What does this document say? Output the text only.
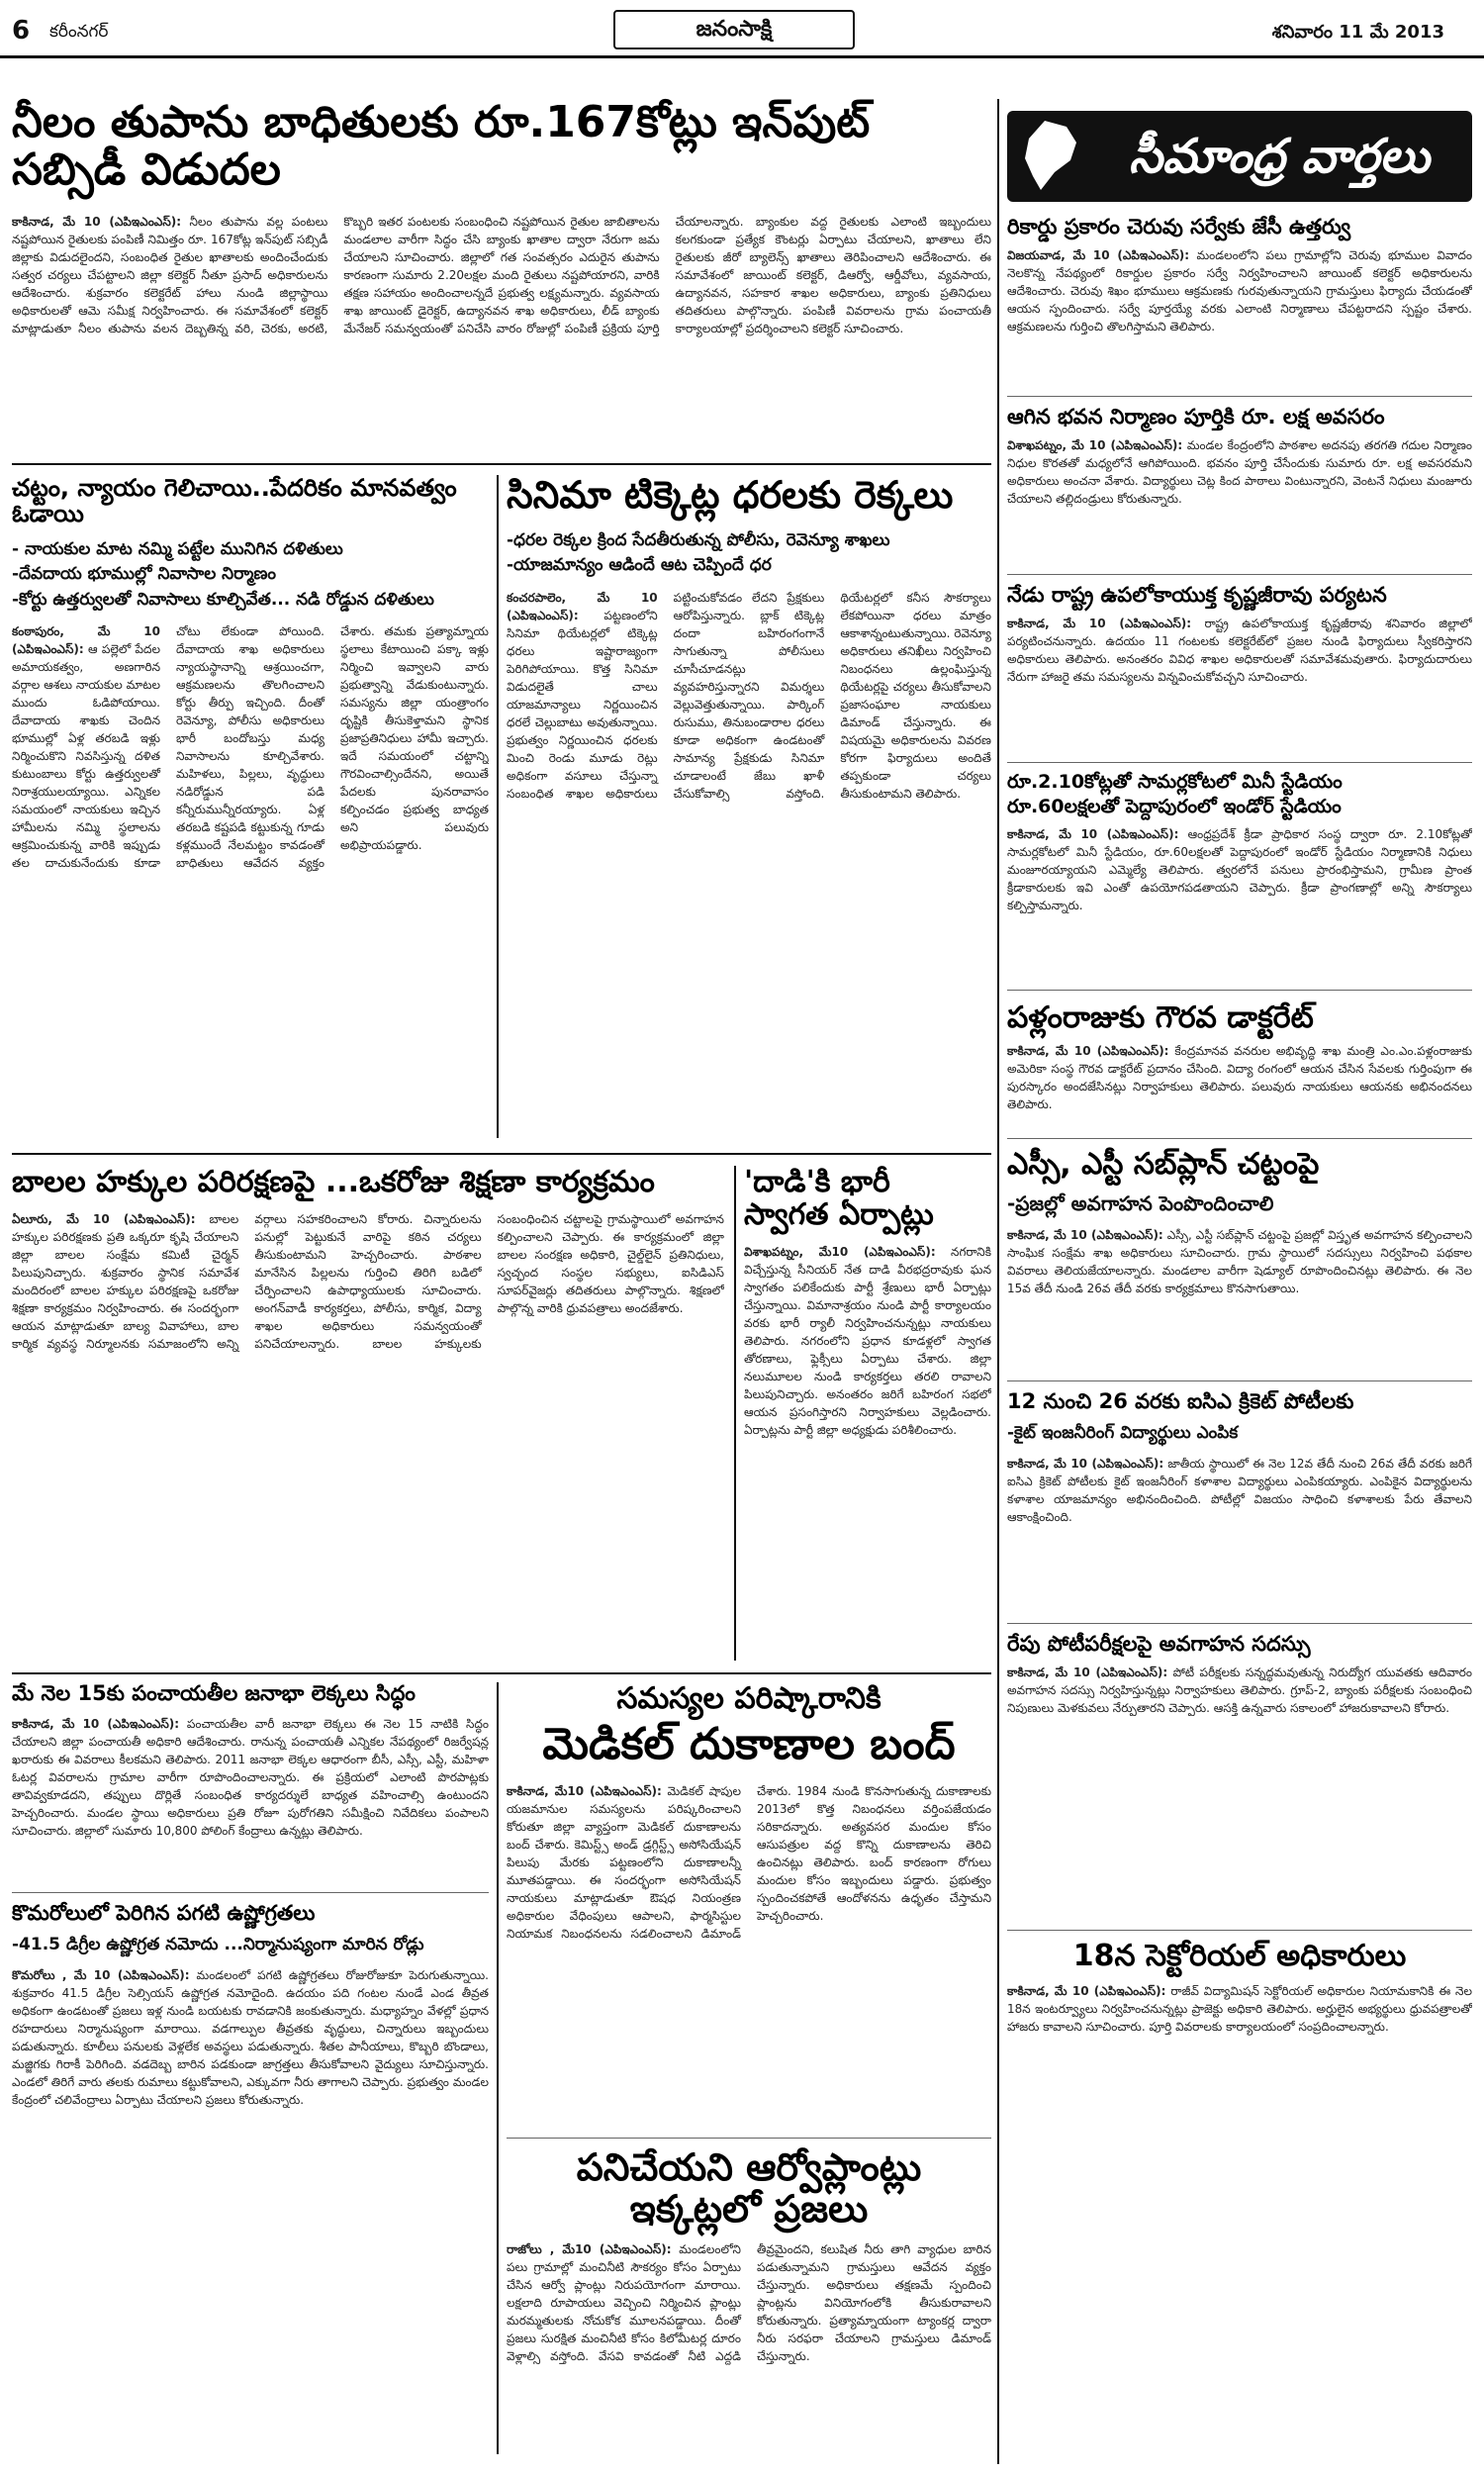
6 కరీంనగర్	జనంసాక్షి	శనివారం 11 మే 2013
నీలం తుపాను బాధితులకు రూ.167కోట్లు ఇన్‌పుట్ సబ్సిడీ విడుదల
కాకినాడ, మే 10 (ఎపిఇఎంఎస్): నీలం తుపాను వల్ల పంటలు నష్టపోయిన రైతులకు పంపిణీ నిమిత్తం రూ. 167కోట్ల ఇన్‌పుట్ సబ్సిడీ జిల్లాకు విడుదలైందని, సంబంధిత రైతుల ఖాతాలకు అందించేందుకు సత్వర చర్యలు చేపట్టాలని జిల్లా కలెక్టర్ నీతూ ప్రసాద్ అధికారులను ఆదేశించారు. శుక్రవారం కలెక్టరేట్ హాలు నుండి జిల్లాస్థాయి అధికారులతో ఆమె సమీక్ష నిర్వహించారు. ఈ సమావేశంలో కలెక్టర్ మాట్లాడుతూ నీలం తుపాను వలన దెబ్బతిన్న వరి, చెరకు, అరటి, కొబ్బరి ఇతర పంటలకు సంబంధించి నష్టపోయిన రైతుల జాబితాలను మండలాల వారీగా సిద్ధం చేసి బ్యాంకు ఖాతాల ద్వారా నేరుగా జమ చేయాలని సూచించారు. జిల్లాలో గత సంవత్సరం ఎదురైన తుపాను కారణంగా సుమారు 2.20లక్షల మంది రైతులు నష్టపోయారని, వారికి తక్షణ సహాయం అందించాలన్నదే ప్రభుత్వ లక్ష్యమన్నారు. వ్యవసాయ శాఖ జాయింట్ డైరెక్టర్, ఉద్యానవన శాఖ అధికారులు, లీడ్ బ్యాంకు మేనేజర్ సమన్వయంతో పనిచేసి వారం రోజుల్లో పంపిణీ ప్రక్రియ పూర్తి చేయాలన్నారు. బ్యాంకుల వద్ద రైతులకు ఎలాంటి ఇబ్బందులు కలగకుండా ప్రత్యేక కౌంటర్లు ఏర్పాటు చేయాలని, ఖాతాలు లేని రైతులకు జీరో బ్యాలెన్స్ ఖాతాలు తెరిపించాలని ఆదేశించారు. ఈ సమావేశంలో జాయింట్ కలెక్టర్, డిఆర్వో, ఆర్డీవోలు, వ్యవసాయ, ఉద్యానవన, సహకార శాఖల అధికారులు, బ్యాంకు ప్రతినిధులు తదితరులు పాల్గొన్నారు. పంపిణీ వివరాలను గ్రామ పంచాయతీ కార్యాలయాల్లో ప్రదర్శించాలని కలెక్టర్ సూచించారు.
చట్టం, న్యాయం గెలిచాయి..పేదరికం మానవత్వం ఓడాయి
- నాయకుల మాట నమ్మి పట్టేల మునిగిన దళితులు
-దేవదాయ భూముల్లో నివాసాల నిర్మాణం
-కోర్టు ఉత్తర్వులతో నివాసాలు కూల్చివేత... నడి రోడ్డున దళితులు
కంఠాపురం, మే 10 (ఎపిఇఎంఎస్): ఆ పల్లెలో పేదల అమాయకత్వం, అణగారిన వర్గాల ఆశలు నాయకుల మాటల ముందు ఓడిపోయాయి. దేవాదాయ శాఖకు చెందిన భూముల్లో ఏళ్ల తరబడి ఇళ్లు నిర్మించుకొని నివసిస్తున్న దళిత కుటుంబాలు కోర్టు ఉత్తర్వులతో నిరాశ్రయులయ్యాయి. ఎన్నికల సమయంలో నాయకులు ఇచ్చిన హామీలను నమ్మి స్థలాలను ఆక్రమించుకున్న వారికి ఇప్పుడు తల దాచుకునేందుకు కూడా చోటు లేకుండా పోయింది. దేవాదాయ శాఖ అధికారులు న్యాయస్థానాన్ని ఆశ్రయించగా, ఆక్రమణలను తొలగించాలని కోర్టు తీర్పు ఇచ్చింది. దీంతో రెవెన్యూ, పోలీసు అధికారులు భారీ బందోబస్తు మధ్య నివాసాలను కూల్చివేశారు. మహిళలు, పిల్లలు, వృద్ధులు నడిరోడ్డున పడి కన్నీరుమున్నీరయ్యారు. ఏళ్ల తరబడి కష్టపడి కట్టుకున్న గూడు కళ్లముందే నేలమట్టం కావడంతో బాధితులు ఆవేదన వ్యక్తం చేశారు. తమకు ప్రత్యామ్నాయ స్థలాలు కేటాయించి పక్కా ఇళ్లు నిర్మించి ఇవ్వాలని వారు ప్రభుత్వాన్ని వేడుకుంటున్నారు. సమస్యను జిల్లా యంత్రాంగం దృష్టికి తీసుకెళ్తామని స్థానిక ప్రజాప్రతినిధులు హామీ ఇచ్చారు. ఇదే సమయంలో చట్టాన్ని గౌరవించాల్సిందేనని, అయితే పేదలకు పునరావాసం కల్పించడం ప్రభుత్వ బాధ్యత అని పలువురు అభిప్రాయపడ్డారు.
సినిమా టిక్కెట్ల ధరలకు రెక్కలు
-ధరల రెక్కల క్రింద సేదతీరుతున్న పోలీసు, రెవెన్యూ శాఖలు
-యాజమాన్యం ఆడిందే ఆట చెప్పిందే ధర
కంచరపాలెం, మే 10 (ఎపిఇఎంఎస్): పట్టణంలోని సినిమా థియేటర్లలో టిక్కెట్ల ధరలు ఇష్టారాజ్యంగా పెరిగిపోయాయి. కొత్త సినిమా విడుదలైతే చాలు యాజమాన్యాలు నిర్ణయించిన ధరలే చెల్లుబాటు అవుతున్నాయి. ప్రభుత్వం నిర్ణయించిన ధరలకు మించి రెండు మూడు రెట్లు అధికంగా వసూలు చేస్తున్నా సంబంధిత శాఖల అధికారులు పట్టించుకోవడం లేదని ప్రేక్షకులు ఆరోపిస్తున్నారు. బ్లాక్ టిక్కెట్ల దందా బహిరంగంగానే సాగుతున్నా పోలీసులు చూసీచూడనట్లు వ్యవహరిస్తున్నారని విమర్శలు వెల్లువెత్తుతున్నాయి. పార్కింగ్ రుసుము, తినుబండారాల ధరలు కూడా అధికంగా ఉండటంతో సామాన్య ప్రేక్షకుడు సినిమా చూడాలంటే జేబు ఖాళీ చేసుకోవాల్సి వస్తోంది. థియేటర్లలో కనీస సౌకర్యాలు లేకపోయినా ధరలు మాత్రం ఆకాశాన్నంటుతున్నాయి. రెవెన్యూ అధికారులు తనిఖీలు నిర్వహించి నిబంధనలు ఉల్లంఘిస్తున్న థియేటర్లపై చర్యలు తీసుకోవాలని ప్రజాసంఘాల నాయకులు డిమాండ్ చేస్తున్నారు. ఈ విషయమై అధికారులను వివరణ కోరగా ఫిర్యాదులు అందితే తప్పకుండా చర్యలు తీసుకుంటామని తెలిపారు.
బాలల హక్కుల పరిరక్షణపై ...ఒకరోజు శిక్షణా కార్యక్రమం
ఏలూరు, మే 10 (ఎపిఇఎంఎస్): బాలల హక్కుల పరిరక్షణకు ప్రతి ఒక్కరూ కృషి చేయాలని జిల్లా బాలల సంక్షేమ కమిటీ చైర్మన్ పిలుపునిచ్చారు. శుక్రవారం స్థానిక సమావేశ మందిరంలో బాలల హక్కుల పరిరక్షణపై ఒకరోజు శిక్షణా కార్యక్రమం నిర్వహించారు. ఈ సందర్భంగా ఆయన మాట్లాడుతూ బాల్య వివాహాలు, బాల కార్మిక వ్యవస్థ నిర్మూలనకు సమాజంలోని అన్ని వర్గాలు సహకరించాలని కోరారు. చిన్నారులను పనుల్లో పెట్టుకునే వారిపై కఠిన చర్యలు తీసుకుంటామని హెచ్చరించారు. పాఠశాల మానేసిన పిల్లలను గుర్తించి తిరిగి బడిలో చేర్పించాలని ఉపాధ్యాయులకు సూచించారు. అంగన్‌వాడీ కార్యకర్తలు, పోలీసు, కార్మిక, విద్యా శాఖల అధికారులు సమన్వయంతో పనిచేయాలన్నారు. బాలల హక్కులకు సంబంధించిన చట్టాలపై గ్రామస్థాయిలో అవగాహన కల్పించాలని చెప్పారు. ఈ కార్యక్రమంలో జిల్లా బాలల సంరక్షణ అధికారి, చైల్డ్‌లైన్ ప్రతినిధులు, స్వచ్ఛంద సంస్థల సభ్యులు, ఐసిడిఎస్ సూపర్‌వైజర్లు తదితరులు పాల్గొన్నారు. శిక్షణలో పాల్గొన్న వారికి ధ్రువపత్రాలు అందజేశారు.
'దాడి'కి భారీ
స్వాగత ఏర్పాట్లు
విశాఖపట్నం, మే10 (ఎపిఇఎంఎస్): నగరానికి విచ్చేస్తున్న సీనియర్ నేత దాడి వీరభద్రరావుకు ఘన స్వాగతం పలికేందుకు పార్టీ శ్రేణులు భారీ ఏర్పాట్లు చేస్తున్నాయి. విమానాశ్రయం నుండి పార్టీ కార్యాలయం వరకు భారీ ర్యాలీ నిర్వహించనున్నట్లు నాయకులు తెలిపారు. నగరంలోని ప్రధాన కూడళ్లలో స్వాగత తోరణాలు, ఫ్లెక్సీలు ఏర్పాటు చేశారు. జిల్లా నలుమూలల నుండి కార్యకర్తలు తరలి రావాలని పిలుపునిచ్చారు. అనంతరం జరిగే బహిరంగ సభలో ఆయన ప్రసంగిస్తారని నిర్వాహకులు వెల్లడించారు. ఏర్పాట్లను పార్టీ జిల్లా అధ్యక్షుడు పరిశీలించారు.
మే నెల 15కు పంచాయతీల జనాభా లెక్కలు సిద్ధం
కాకినాడ, మే 10 (ఎపిఇఎంఎస్): పంచాయతీల వారీ జనాభా లెక్కలు ఈ నెల 15 నాటికి సిద్ధం చేయాలని జిల్లా పంచాయతీ అధికారి ఆదేశించారు. రానున్న పంచాయతీ ఎన్నికల నేపథ్యంలో రిజర్వేషన్ల ఖరారుకు ఈ వివరాలు కీలకమని తెలిపారు. 2011 జనాభా లెక్కల ఆధారంగా బీసీ, ఎస్సీ, ఎస్టీ, మహిళా ఓటర్ల వివరాలను గ్రామాల వారీగా రూపొందించాలన్నారు. ఈ ప్రక్రియలో ఎలాంటి పొరపాట్లకు తావివ్వకూడదని, తప్పులు దొర్లితే సంబంధిత కార్యదర్శులే బాధ్యత వహించాల్సి ఉంటుందని హెచ్చరించారు. మండల స్థాయి అధికారులు ప్రతి రోజూ పురోగతిని సమీక్షించి నివేదికలు పంపాలని సూచించారు. జిల్లాలో సుమారు 10,800 పోలింగ్ కేంద్రాలు ఉన్నట్లు తెలిపారు.
కొమరోలులో పెరిగిన పగటి ఉష్ణోగ్రతలు
-41.5 డిగ్రీల ఉష్ణోగ్రత నమోదు ...నిర్మానుష్యంగా మారిన రోడ్లు
కొమరోలు , మే 10 (ఎపిఇఎంఎస్): మండలంలో పగటి ఉష్ణోగ్రతలు రోజురోజుకూ పెరుగుతున్నాయి. శుక్రవారం 41.5 డిగ్రీల సెల్సియస్ ఉష్ణోగ్రత నమోదైంది. ఉదయం పది గంటల నుండే ఎండ తీవ్రత అధికంగా ఉండటంతో ప్రజలు ఇళ్ల నుండి బయటకు రావడానికి జంకుతున్నారు. మధ్యాహ్నం వేళల్లో ప్రధాన రహదారులు నిర్మానుష్యంగా మారాయి. వడగాల్పుల తీవ్రతకు వృద్ధులు, చిన్నారులు ఇబ్బందులు పడుతున్నారు. కూలీలు పనులకు వెళ్లలేక అవస్థలు పడుతున్నారు. శీతల పానీయాలు, కొబ్బరి బొండాలు, మజ్జిగకు గిరాకీ పెరిగింది. వడదెబ్బ బారిన పడకుండా జాగ్రత్తలు తీసుకోవాలని వైద్యులు సూచిస్తున్నారు. ఎండలో తిరిగే వారు తలకు రుమాలు కట్టుకోవాలని, ఎక్కువగా నీరు తాగాలని చెప్పారు. ప్రభుత్వం మండల కేంద్రంలో చలివేంద్రాలు ఏర్పాటు చేయాలని ప్రజలు కోరుతున్నారు.
సమస్యల పరిష్కారానికి
మెడికల్ దుకాణాల బంద్
కాకినాడ, మే10 (ఎపిఇఎంఎస్): మెడికల్ షాపుల యజమానుల సమస్యలను పరిష్కరించాలని కోరుతూ జిల్లా వ్యాప్తంగా మెడికల్ దుకాణాలను బంద్ చేశారు. కెమిస్ట్స్ అండ్ డ్రగ్గిస్ట్స్ అసోసియేషన్ పిలుపు మేరకు పట్టణంలోని దుకాణాలన్నీ మూతపడ్డాయి. ఈ సందర్భంగా అసోసియేషన్ నాయకులు మాట్లాడుతూ ఔషధ నియంత్రణ అధికారుల వేధింపులు ఆపాలని, ఫార్మసిస్టుల నియామక నిబంధనలను సడలించాలని డిమాండ్ చేశారు. 1984 నుండి కొనసాగుతున్న దుకాణాలకు 2013లో కొత్త నిబంధనలు వర్తింపజేయడం సరికాదన్నారు. అత్యవసర మందుల కోసం ఆసుపత్రుల వద్ద కొన్ని దుకాణాలను తెరిచి ఉంచినట్లు తెలిపారు. బంద్ కారణంగా రోగులు మందుల కోసం ఇబ్బందులు పడ్డారు. ప్రభుత్వం స్పందించకపోతే ఆందోళనను ఉధృతం చేస్తామని హెచ్చరించారు.
పనిచేయని ఆర్వోప్లాంట్లు
ఇక్కట్లలో ప్రజలు
రాజోలు , మే10 (ఎపిఇఎంఎస్): మండలంలోని పలు గ్రామాల్లో మంచినీటి సౌకర్యం కోసం ఏర్పాటు చేసిన ఆర్వో ప్లాంట్లు నిరుపయోగంగా మారాయి. లక్షలాది రూపాయలు వెచ్చించి నిర్మించిన ప్లాంట్లు మరమ్మతులకు నోచుకోక మూలనపడ్డాయి. దీంతో ప్రజలు సురక్షిత మంచినీటి కోసం కిలోమీటర్ల దూరం వెళ్లాల్సి వస్తోంది. వేసవి కావడంతో నీటి ఎద్దడి తీవ్రమైందని, కలుషిత నీరు తాగి వ్యాధుల బారిన పడుతున్నామని గ్రామస్తులు ఆవేదన వ్యక్తం చేస్తున్నారు. అధికారులు తక్షణమే స్పందించి ప్లాంట్లను వినియోగంలోకి తీసుకురావాలని కోరుతున్నారు. ప్రత్యామ్నాయంగా ట్యాంకర్ల ద్వారా నీరు సరఫరా చేయాలని గ్రామస్తులు డిమాండ్ చేస్తున్నారు.
సీమాంధ్ర వార్తలు
రికార్డు ప్రకారం చెరువు సర్వేకు జేసీ ఉత్తర్వు
విజయవాడ, మే 10 (ఎపిఇఎంఎస్): మండలంలోని పలు గ్రామాల్లోని చెరువు భూముల వివాదం నెలకొన్న నేపథ్యంలో రికార్డుల ప్రకారం సర్వే నిర్వహించాలని జాయింట్ కలెక్టర్ అధికారులను ఆదేశించారు. చెరువు శిఖం భూములు ఆక్రమణకు గురవుతున్నాయని గ్రామస్తులు ఫిర్యాదు చేయడంతో ఆయన స్పందించారు. సర్వే పూర్తయ్యే వరకు ఎలాంటి నిర్మాణాలు చేపట్టరాదని స్పష్టం చేశారు. ఆక్రమణలను గుర్తించి తొలగిస్తామని తెలిపారు.
ఆగిన భవన నిర్మాణం పూర్తికి రూ. లక్ష అవసరం
విశాఖపట్నం, మే 10 (ఎపిఇఎంఎస్): మండల కేంద్రంలోని పాఠశాల అదనపు తరగతి గదుల నిర్మాణం నిధుల కొరతతో మధ్యలోనే ఆగిపోయింది. భవనం పూర్తి చేసేందుకు సుమారు రూ. లక్ష అవసరమని అధికారులు అంచనా వేశారు. విద్యార్థులు చెట్ల కింద పాఠాలు వింటున్నారని, వెంటనే నిధులు మంజూరు చేయాలని తల్లిదండ్రులు కోరుతున్నారు.
నేడు రాష్ట్ర ఉపలోకాయుక్త కృష్ణజీరావు పర్యటన
కాకినాడ, మే 10 (ఎపిఇఎంఎస్): రాష్ట్ర ఉపలోకాయుక్త కృష్ణజీరావు శనివారం జిల్లాలో పర్యటించనున్నారు. ఉదయం 11 గంటలకు కలెక్టరేట్‌లో ప్రజల నుండి ఫిర్యాదులు స్వీకరిస్తారని అధికారులు తెలిపారు. అనంతరం వివిధ శాఖల అధికారులతో సమావేశమవుతారు. ఫిర్యాదుదారులు నేరుగా హాజరై తమ సమస్యలను విన్నవించుకోవచ్చని సూచించారు.
రూ.2.10కోట్లతో సామర్లకోటలో మినీ స్టేడియం
రూ.60లక్షలతో పెద్దాపురంలో ఇండోర్ స్టేడియం
కాకినాడ, మే 10 (ఎపిఇఎంఎస్): ఆంధ్రప్రదేశ్ క్రీడా ప్రాధికార సంస్థ ద్వారా రూ. 2.10కోట్లతో సామర్లకోటలో మినీ స్టేడియం, రూ.60లక్షలతో పెద్దాపురంలో ఇండోర్ స్టేడియం నిర్మాణానికి నిధులు మంజూరయ్యాయని ఎమ్మెల్యే తెలిపారు. త్వరలోనే పనులు ప్రారంభిస్తామని, గ్రామీణ ప్రాంత క్రీడాకారులకు ఇవి ఎంతో ఉపయోగపడతాయని చెప్పారు. క్రీడా ప్రాంగణాల్లో అన్ని సౌకర్యాలు కల్పిస్తామన్నారు.
పళ్లంరాజుకు గౌరవ డాక్టరేట్
కాకినాడ, మే 10 (ఎపిఇఎంఎస్): కేంద్రమానవ వనరుల అభివృద్ధి శాఖ మంత్రి ఎం.ఎం.పళ్లంరాజుకు అమెరికా సంస్థ గౌరవ డాక్టరేట్ ప్రదానం చేసింది. విద్యా రంగంలో ఆయన చేసిన సేవలకు గుర్తింపుగా ఈ పురస్కారం అందజేసినట్లు నిర్వాహకులు తెలిపారు. పలువురు నాయకులు ఆయనకు అభినందనలు తెలిపారు.
ఎస్సీ, ఎస్టీ సబ్‌ప్లాన్ చట్టంపై
-ప్రజల్లో అవగాహన పెంపొందించాలి
కాకినాడ, మే 10 (ఎపిఇఎంఎస్): ఎస్సీ, ఎస్టీ సబ్‌ప్లాన్ చట్టంపై ప్రజల్లో విస్తృత అవగాహన కల్పించాలని సాంఘిక సంక్షేమ శాఖ అధికారులు సూచించారు. గ్రామ స్థాయిలో సదస్సులు నిర్వహించి పథకాల వివరాలు తెలియజేయాలన్నారు. మండలాల వారీగా షెడ్యూల్ రూపొందించినట్లు తెలిపారు. ఈ నెల 15వ తేదీ నుండి 26వ తేదీ వరకు కార్యక్రమాలు కొనసాగుతాయి.
12 నుంచి 26 వరకు ఐసిఎ క్రికెట్ పోటీలకు
-కైట్ ఇంజనీరింగ్ విద్యార్థులు ఎంపిక
కాకినాడ, మే 10 (ఎపిఇఎంఎస్): జాతీయ స్థాయిలో ఈ నెల 12వ తేదీ నుంచి 26వ తేదీ వరకు జరిగే ఐసిఎ క్రికెట్ పోటీలకు కైట్ ఇంజనీరింగ్ కళాశాల విద్యార్థులు ఎంపికయ్యారు. ఎంపికైన విద్యార్థులను కళాశాల యాజమాన్యం అభినందించింది. పోటీల్లో విజయం సాధించి కళాశాలకు పేరు తేవాలని ఆకాంక్షించింది.
రేపు పోటీపరీక్షలపై అవగాహన సదస్సు
కాకినాడ, మే 10 (ఎపిఇఎంఎస్): పోటీ పరీక్షలకు సన్నద్ధమవుతున్న నిరుద్యోగ యువతకు ఆదివారం అవగాహన సదస్సు నిర్వహిస్తున్నట్లు నిర్వాహకులు తెలిపారు. గ్రూప్-2, బ్యాంకు పరీక్షలకు సంబంధించి నిపుణులు మెళకువలు నేర్పుతారని చెప్పారు. ఆసక్తి ఉన్నవారు సకాలంలో హాజరుకావాలని కోరారు.
18న సెక్టోరియల్ అధికారులు
కాకినాడ, మే 10 (ఎపిఇఎంఎస్): రాజీవ్ విద్యామిషన్ సెక్టోరియల్ అధికారుల నియామకానికి ఈ నెల 18న ఇంటర్వ్యూలు నిర్వహించనున్నట్లు ప్రాజెక్టు అధికారి తెలిపారు. అర్హులైన అభ్యర్థులు ధ్రువపత్రాలతో హాజరు కావాలని సూచించారు. పూర్తి వివరాలకు కార్యాలయంలో సంప్రదించాలన్నారు.
